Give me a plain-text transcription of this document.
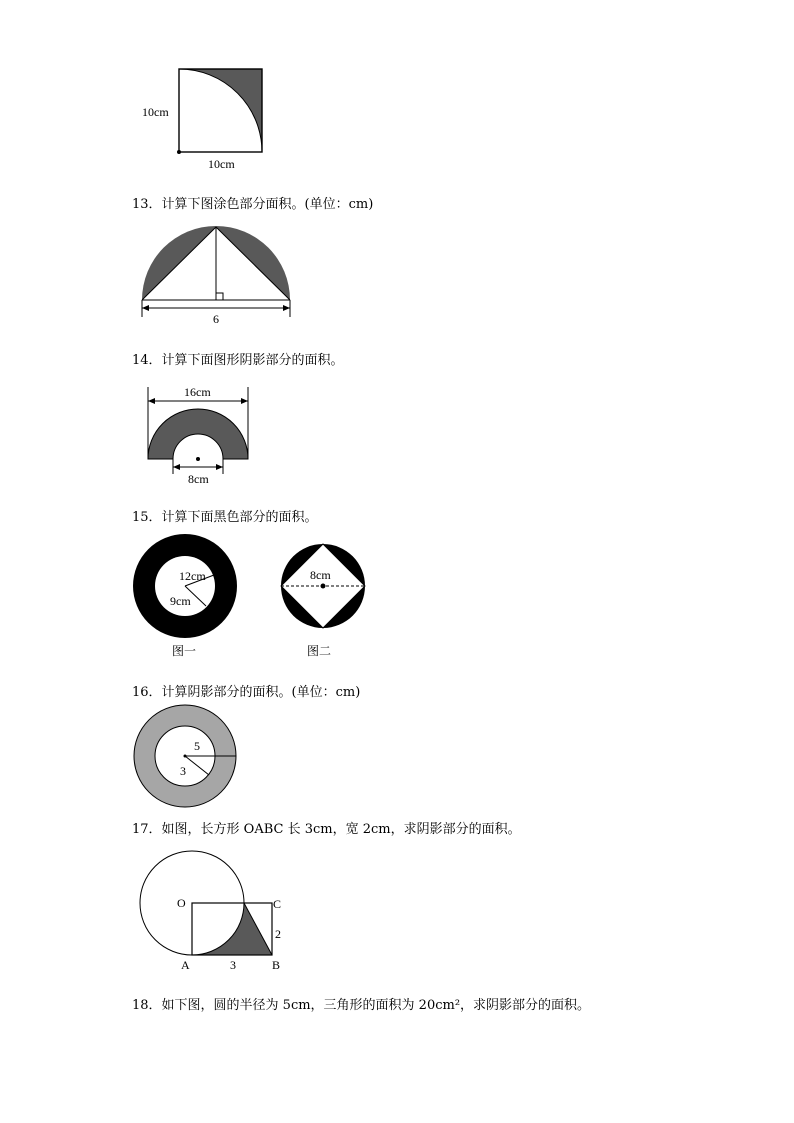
10cm
10cm
13．计算下图涂色部分面积。(单位：cm)
6
14．计算下面图形阴影部分的面积。
16cm
8cm
15．计算下面黑色部分的面积。
12cm
9cm
图一
8cm
图二
16．计算阴影部分的面积。(单位：cm)
5
3
17．如图，长方形 OABC 长 3cm，宽 2cm，求阴影部分的面积。
O	C
A	B
3
2
18．如下图，圆的半径为 5cm，三角形的面积为 20cm²，求阴影部分的面积。
